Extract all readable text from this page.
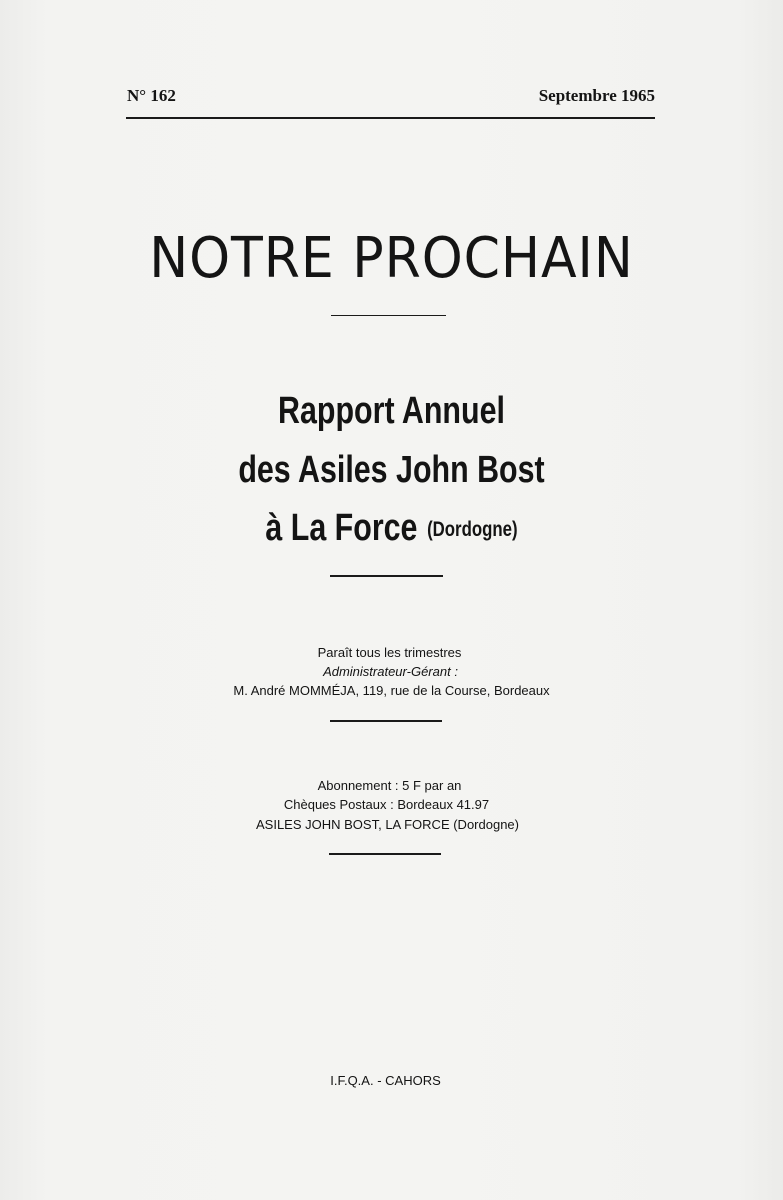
N° 162	Septembre 1965
NOTRE PROCHAIN
Rapport Annuel
des Asiles John Bost
à La Force (Dordogne)
Paraît tous les trimestres
Administrateur-Gérant :
M. André MOMMÉJA, 119, rue de la Course, Bordeaux
Abonnement : 5 F par an
Chèques Postaux : Bordeaux 41.97
ASILES JOHN BOST, LA FORCE (Dordogne)
I.F.Q.A. - CAHORS
